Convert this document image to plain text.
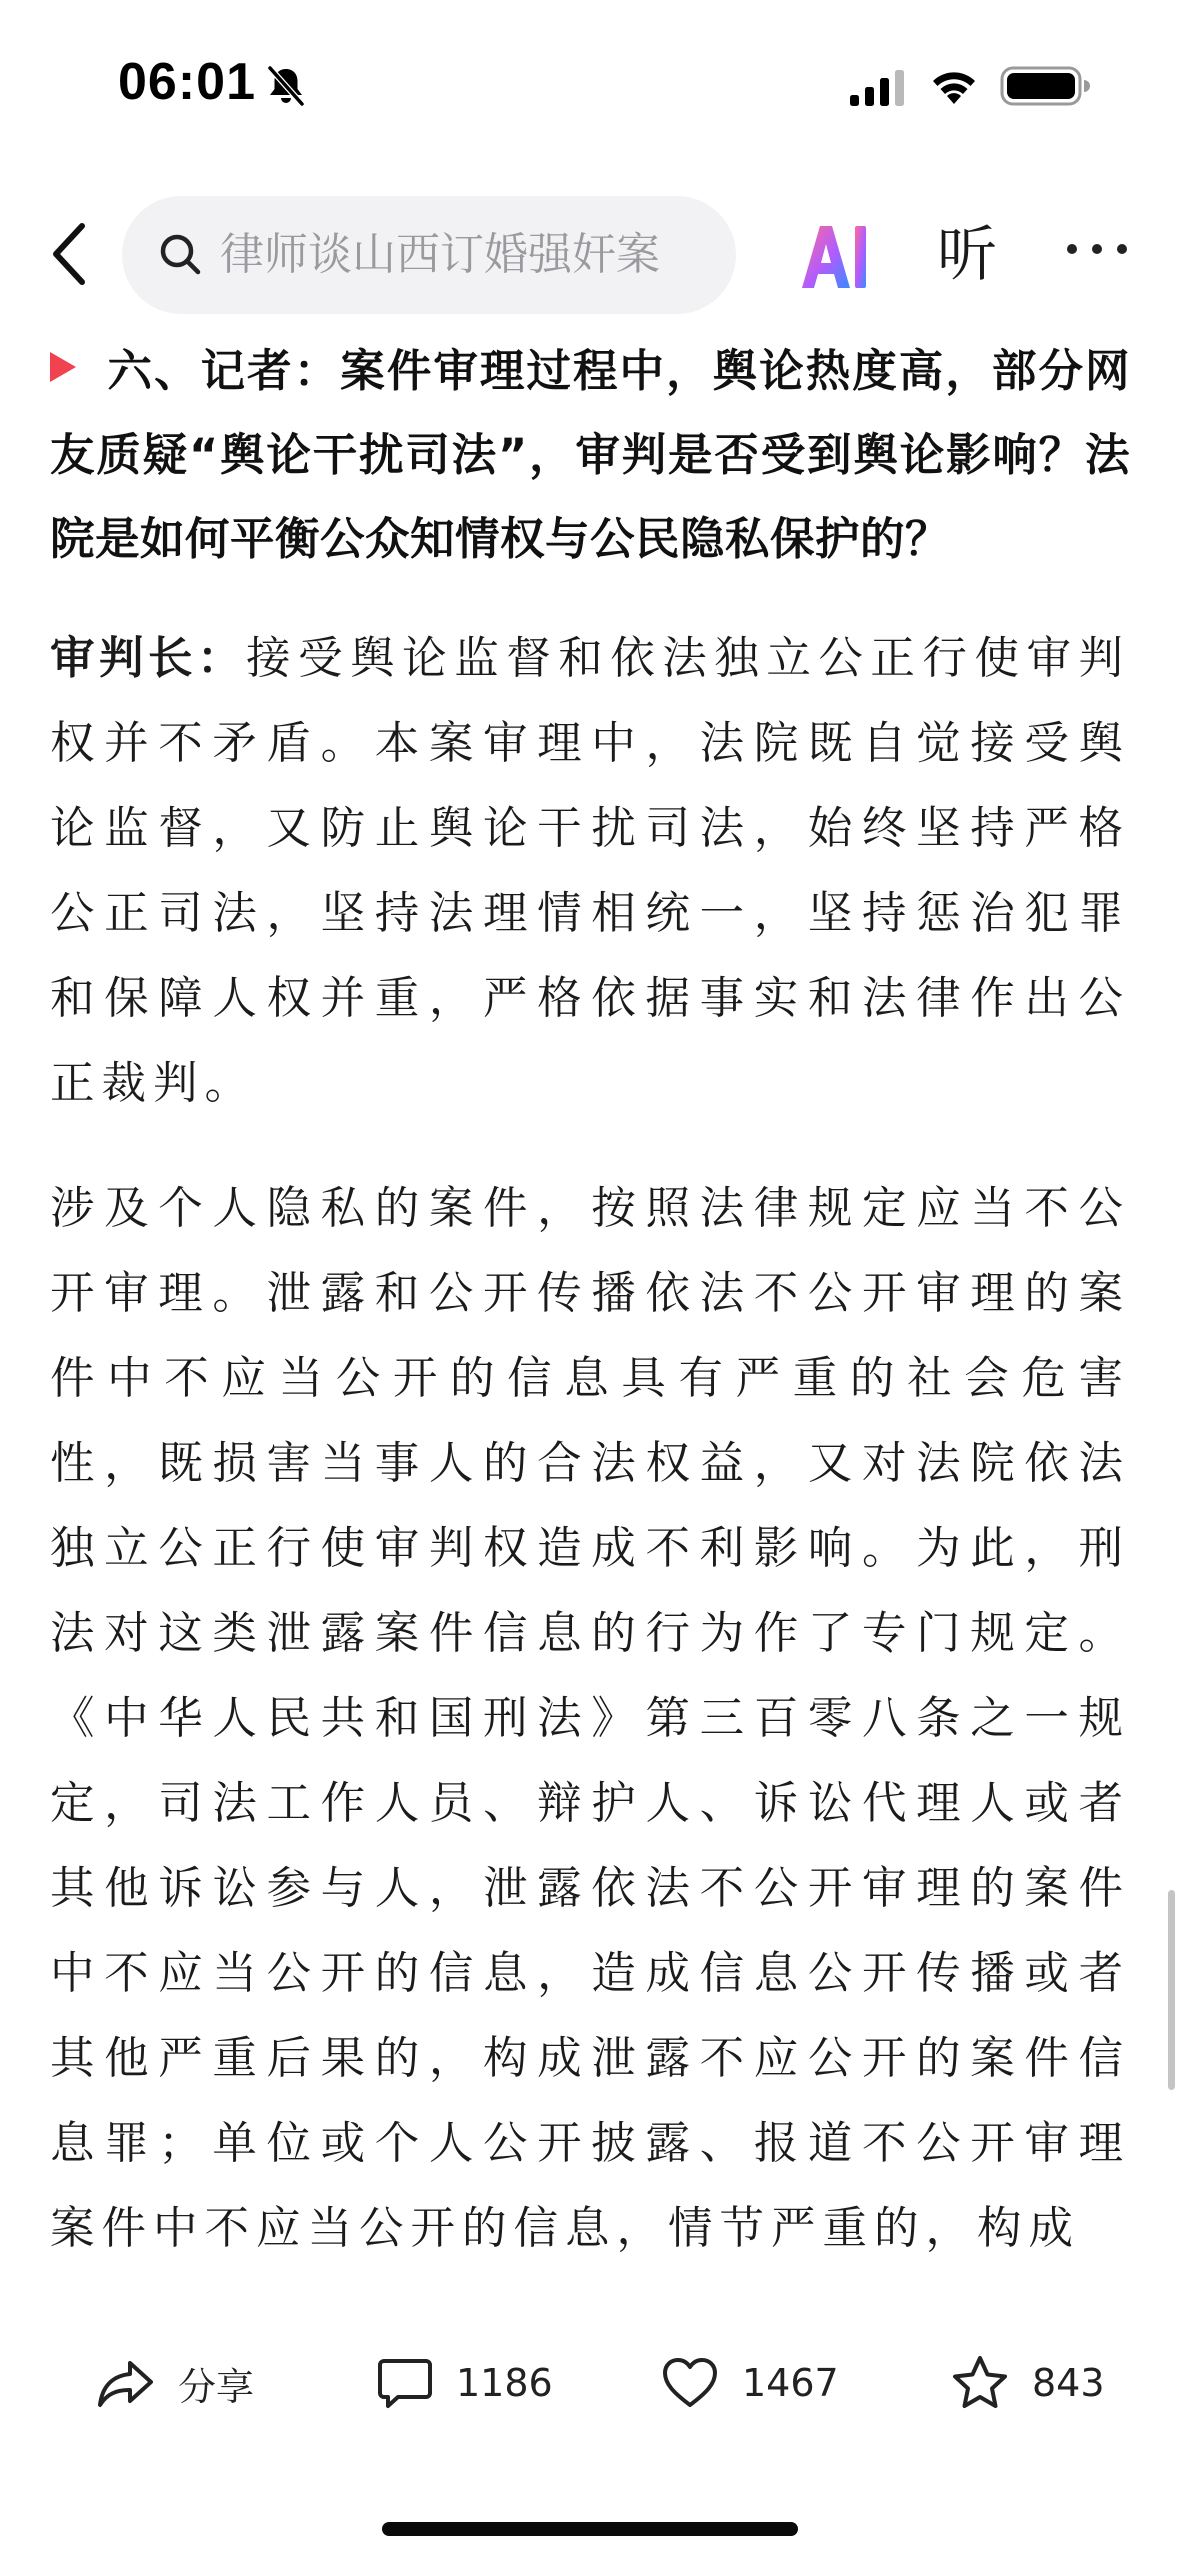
06:01
律师谈山西订婚强奸案	听

六、记者：案件审理过程中，舆论热度高，部分网友质疑“舆论干扰司法”，审判是否受到舆论影响？法院是如何平衡公众知情权与公民隐私保护的？

审判长：接受舆论监督和依法独立公正行使审判权并不矛盾。本案审理中，法院既自觉接受舆论监督，又防止舆论干扰司法，始终坚持严格公正司法，坚持法理情相统一，坚持惩治犯罪和保障人权并重，严格依据事实和法律作出公正裁判。

涉及个人隐私的案件，按照法律规定应当不公开审理。泄露和公开传播依法不公开审理的案件中不应当公开的信息具有严重的社会危害性，既损害当事人的合法权益，又对法院依法独立公正行使审判权造成不利影响。为此，刑法对这类泄露案件信息的行为作了专门规定。《中华人民共和国刑法》第三百零八条之一规定，司法工作人员、辩护人、诉讼代理人或者其他诉讼参与人，泄露依法不公开审理的案件中不应当公开的信息，造成信息公开传播或者其他严重后果的，构成泄露不应公开的案件信息罪；单位或个人公开披露、报道不公开审理案件中不应当公开的信息，情节严重的，构成

分享	1186	1467	843
